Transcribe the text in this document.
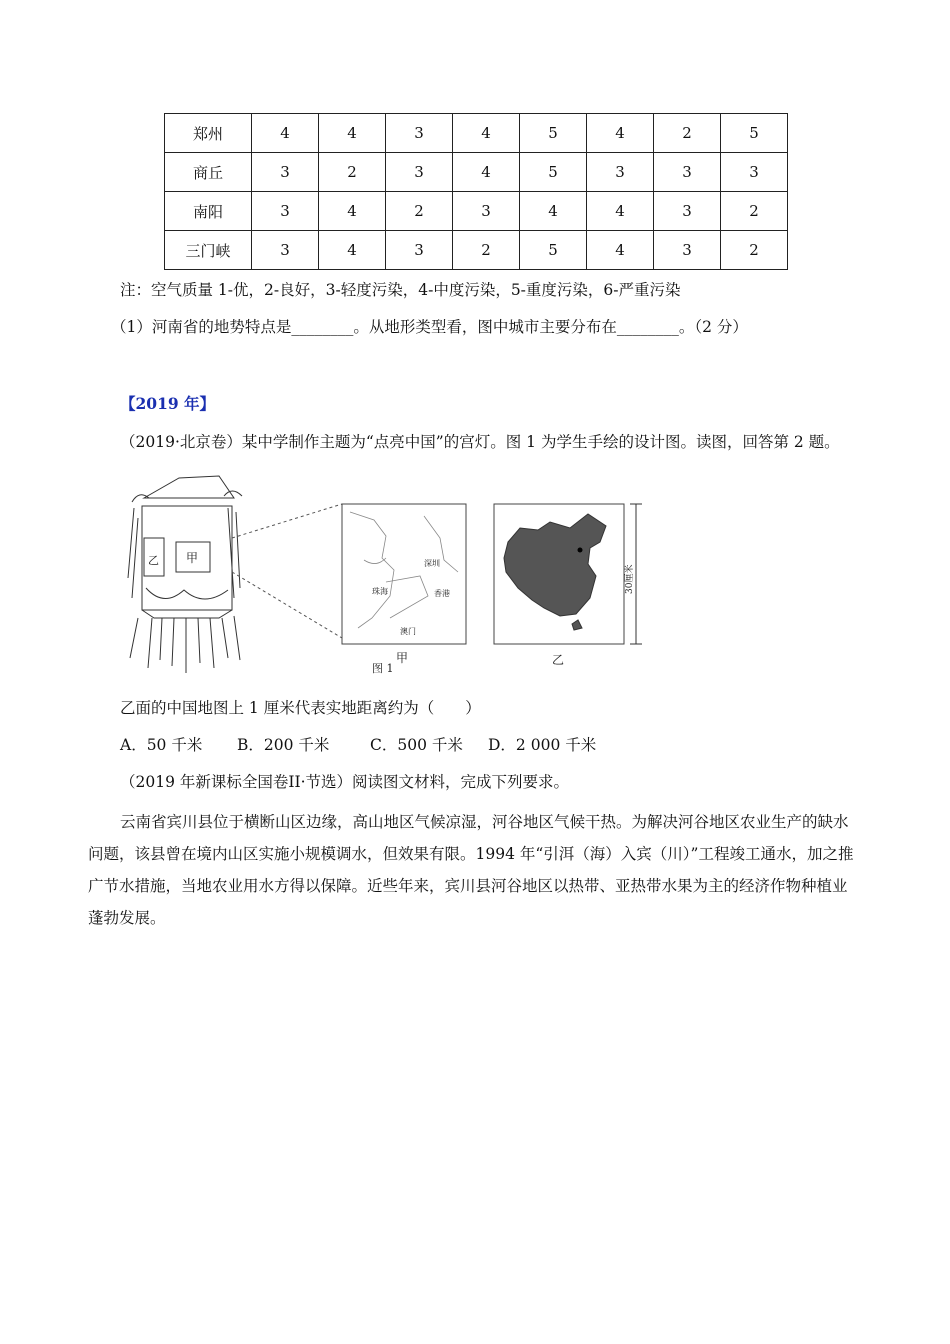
郑州	4	4	3	4	5	4	2	5
商丘	3	2	3	4	5	3	3	3
南阳	3	4	2	3	4	4	3	2
三门峡	3	4	3	2	5	4	3	2
注：空气质量 1-优，2-良好，3-轻度污染，4-中度污染，5-重度污染，6-严重污染
（1）河南省的地势特点是________。从地形类型看，图中城市主要分布在________。（2 分）
【2019 年】
（2019·北京卷）某中学制作主题为“点亮中国”的宫灯。图 1 为学生手绘的设计图。读图，回答第 2 题。
乙 甲	深圳
珠海	香港
澳门
30厘米
图 1
甲	乙
乙面的中国地图上 1 厘米代表实地距离约为（　　）
A．50 千米 B．200 千米	C．500 千米 D．2 000 千米
（2019 年新课标全国卷II·节选）阅读图文材料，完成下列要求。
云南省宾川县位于横断山区边缘，高山地区气候凉湿，河谷地区气候干热。为解决河谷地区农业生产的缺水问题，该县曾在境内山区实施小规模调水，但效果有限。1994 年“引洱（海）入宾（川）”工程竣工通水，加之推广节水措施，当地农业用水方得以保障。近些年来，宾川县河谷地区以热带、亚热带水果为主的经济作物种植业蓬勃发展。
